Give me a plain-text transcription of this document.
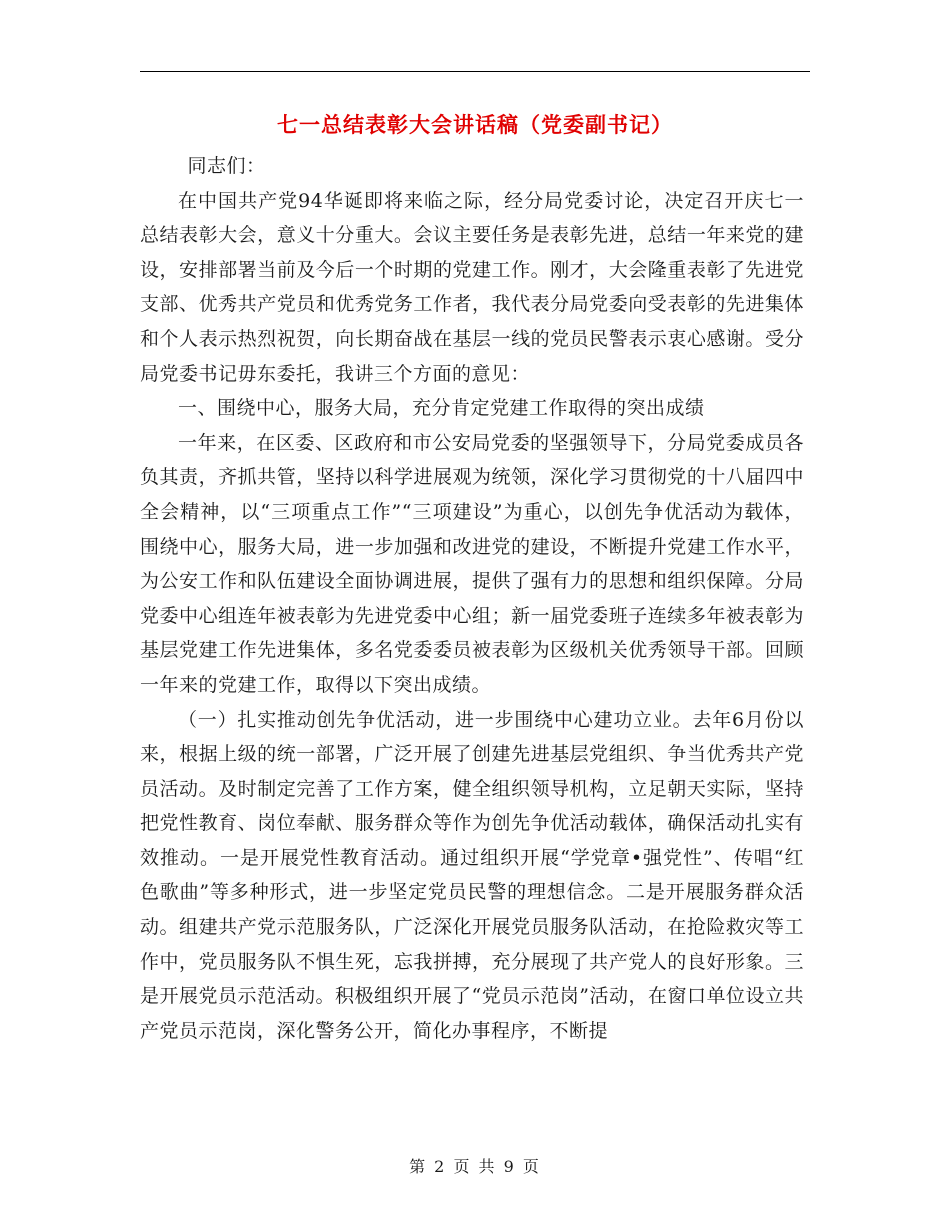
七一总结表彰大会讲话稿（党委副书记）

同志们：

在中国共产党94华诞即将来临之际，经分局党委讨论，决定召开庆七一总结表彰大会，意义十分重大。会议主要任务是表彰先进，总结一年来党的建设，安排部署当前及今后一个时期的党建工作。刚才，大会隆重表彰了先进党支部、优秀共产党员和优秀党务工作者，我代表分局党委向受表彰的先进集体和个人表示热烈祝贺，向长期奋战在基层一线的党员民警表示衷心感谢。受分局党委书记毋东委托，我讲三个方面的意见：

一、围绕中心，服务大局，充分肯定党建工作取得的突出成绩

一年来，在区委、区政府和市公安局党委的坚强领导下，分局党委成员各负其责，齐抓共管，坚持以科学进展观为统领，深化学习贯彻党的十八届四中全会精神，以“三项重点工作”“三项建设”为重心，以创先争优活动为载体，围绕中心，服务大局，进一步加强和改进党的建设，不断提升党建工作水平，为公安工作和队伍建设全面协调进展，提供了强有力的思想和组织保障。分局党委中心组连年被表彰为先进党委中心组；新一届党委班子连续多年被表彰为基层党建工作先进集体，多名党委委员被表彰为区级机关优秀领导干部。回顾一年来的党建工作，取得以下突出成绩。

（一）扎实推动创先争优活动，进一步围绕中心建功立业。去年6月份以来，根据上级的统一部署，广泛开展了创建先进基层党组织、争当优秀共产党员活动。及时制定完善了工作方案，健全组织领导机构，立足朝天实际，坚持把党性教育、岗位奉献、服务群众等作为创先争优活动载体，确保活动扎实有效推动。一是开展党性教育活动。通过组织开展“学党章•强党性”、传唱“红色歌曲”等多种形式，进一步坚定党员民警的理想信念。二是开展服务群众活动。组建共产党示范服务队，广泛深化开展党员服务队活动，在抢险救灾等工作中，党员服务队不惧生死，忘我拼搏，充分展现了共产党人的良好形象。三是开展党员示范活动。积极组织开展了“党员示范岗”活动，在窗口单位设立共产党员示范岗，深化警务公开，简化办事程序，不断提

第 2 页 共 9 页
